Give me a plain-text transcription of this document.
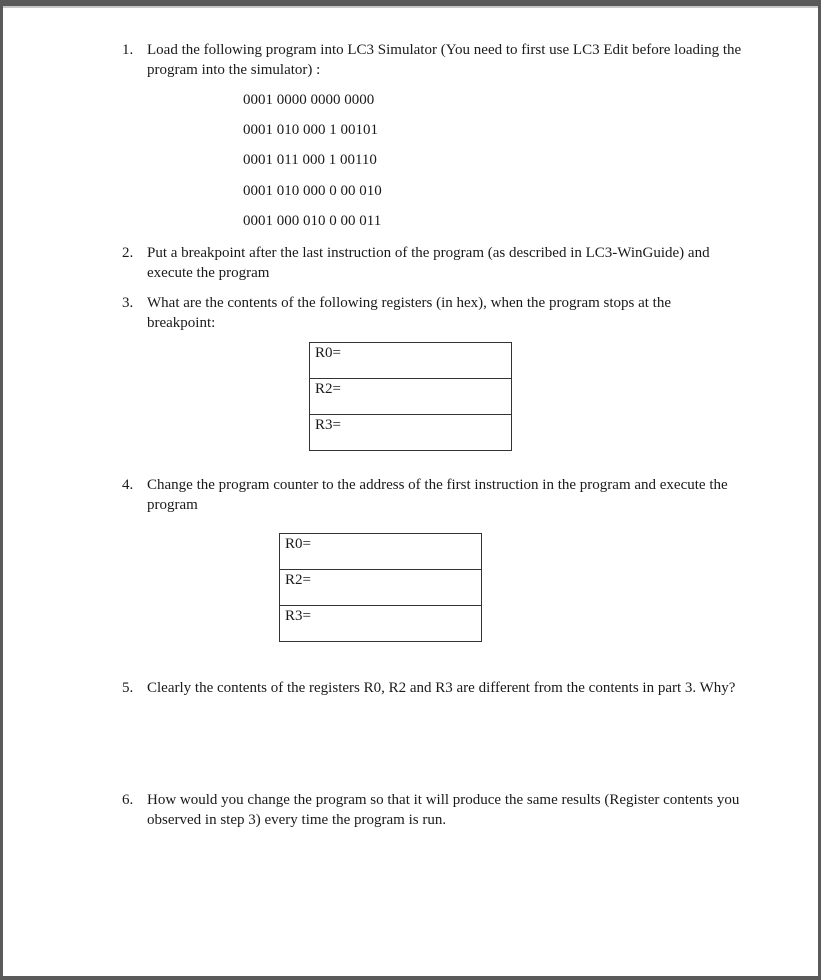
1. Load the following program into LC3 Simulator (You need to first use LC3 Edit before loading the program into the simulator) :
0001 0000 0000 0000
0001 010 000 1 00101
0001 011 000 1 00110
0001 010 000 0 00 010
0001 000 010 0 00 011
2. Put a breakpoint after the last instruction of the program (as described in LC3-WinGuide) and execute the program
3. What are the contents of the following registers (in hex), when the program stops at the breakpoint:
R0=
R2=
R3=
4. Change the program counter to the address of the first instruction in the program and execute the program
R0=
R2=
R3=
5. Clearly the contents of the registers R0, R2 and R3 are different from the contents in part 3. Why?
6. How would you change the program so that it will produce the same results (Register contents you observed in step 3) every time the program is run.
